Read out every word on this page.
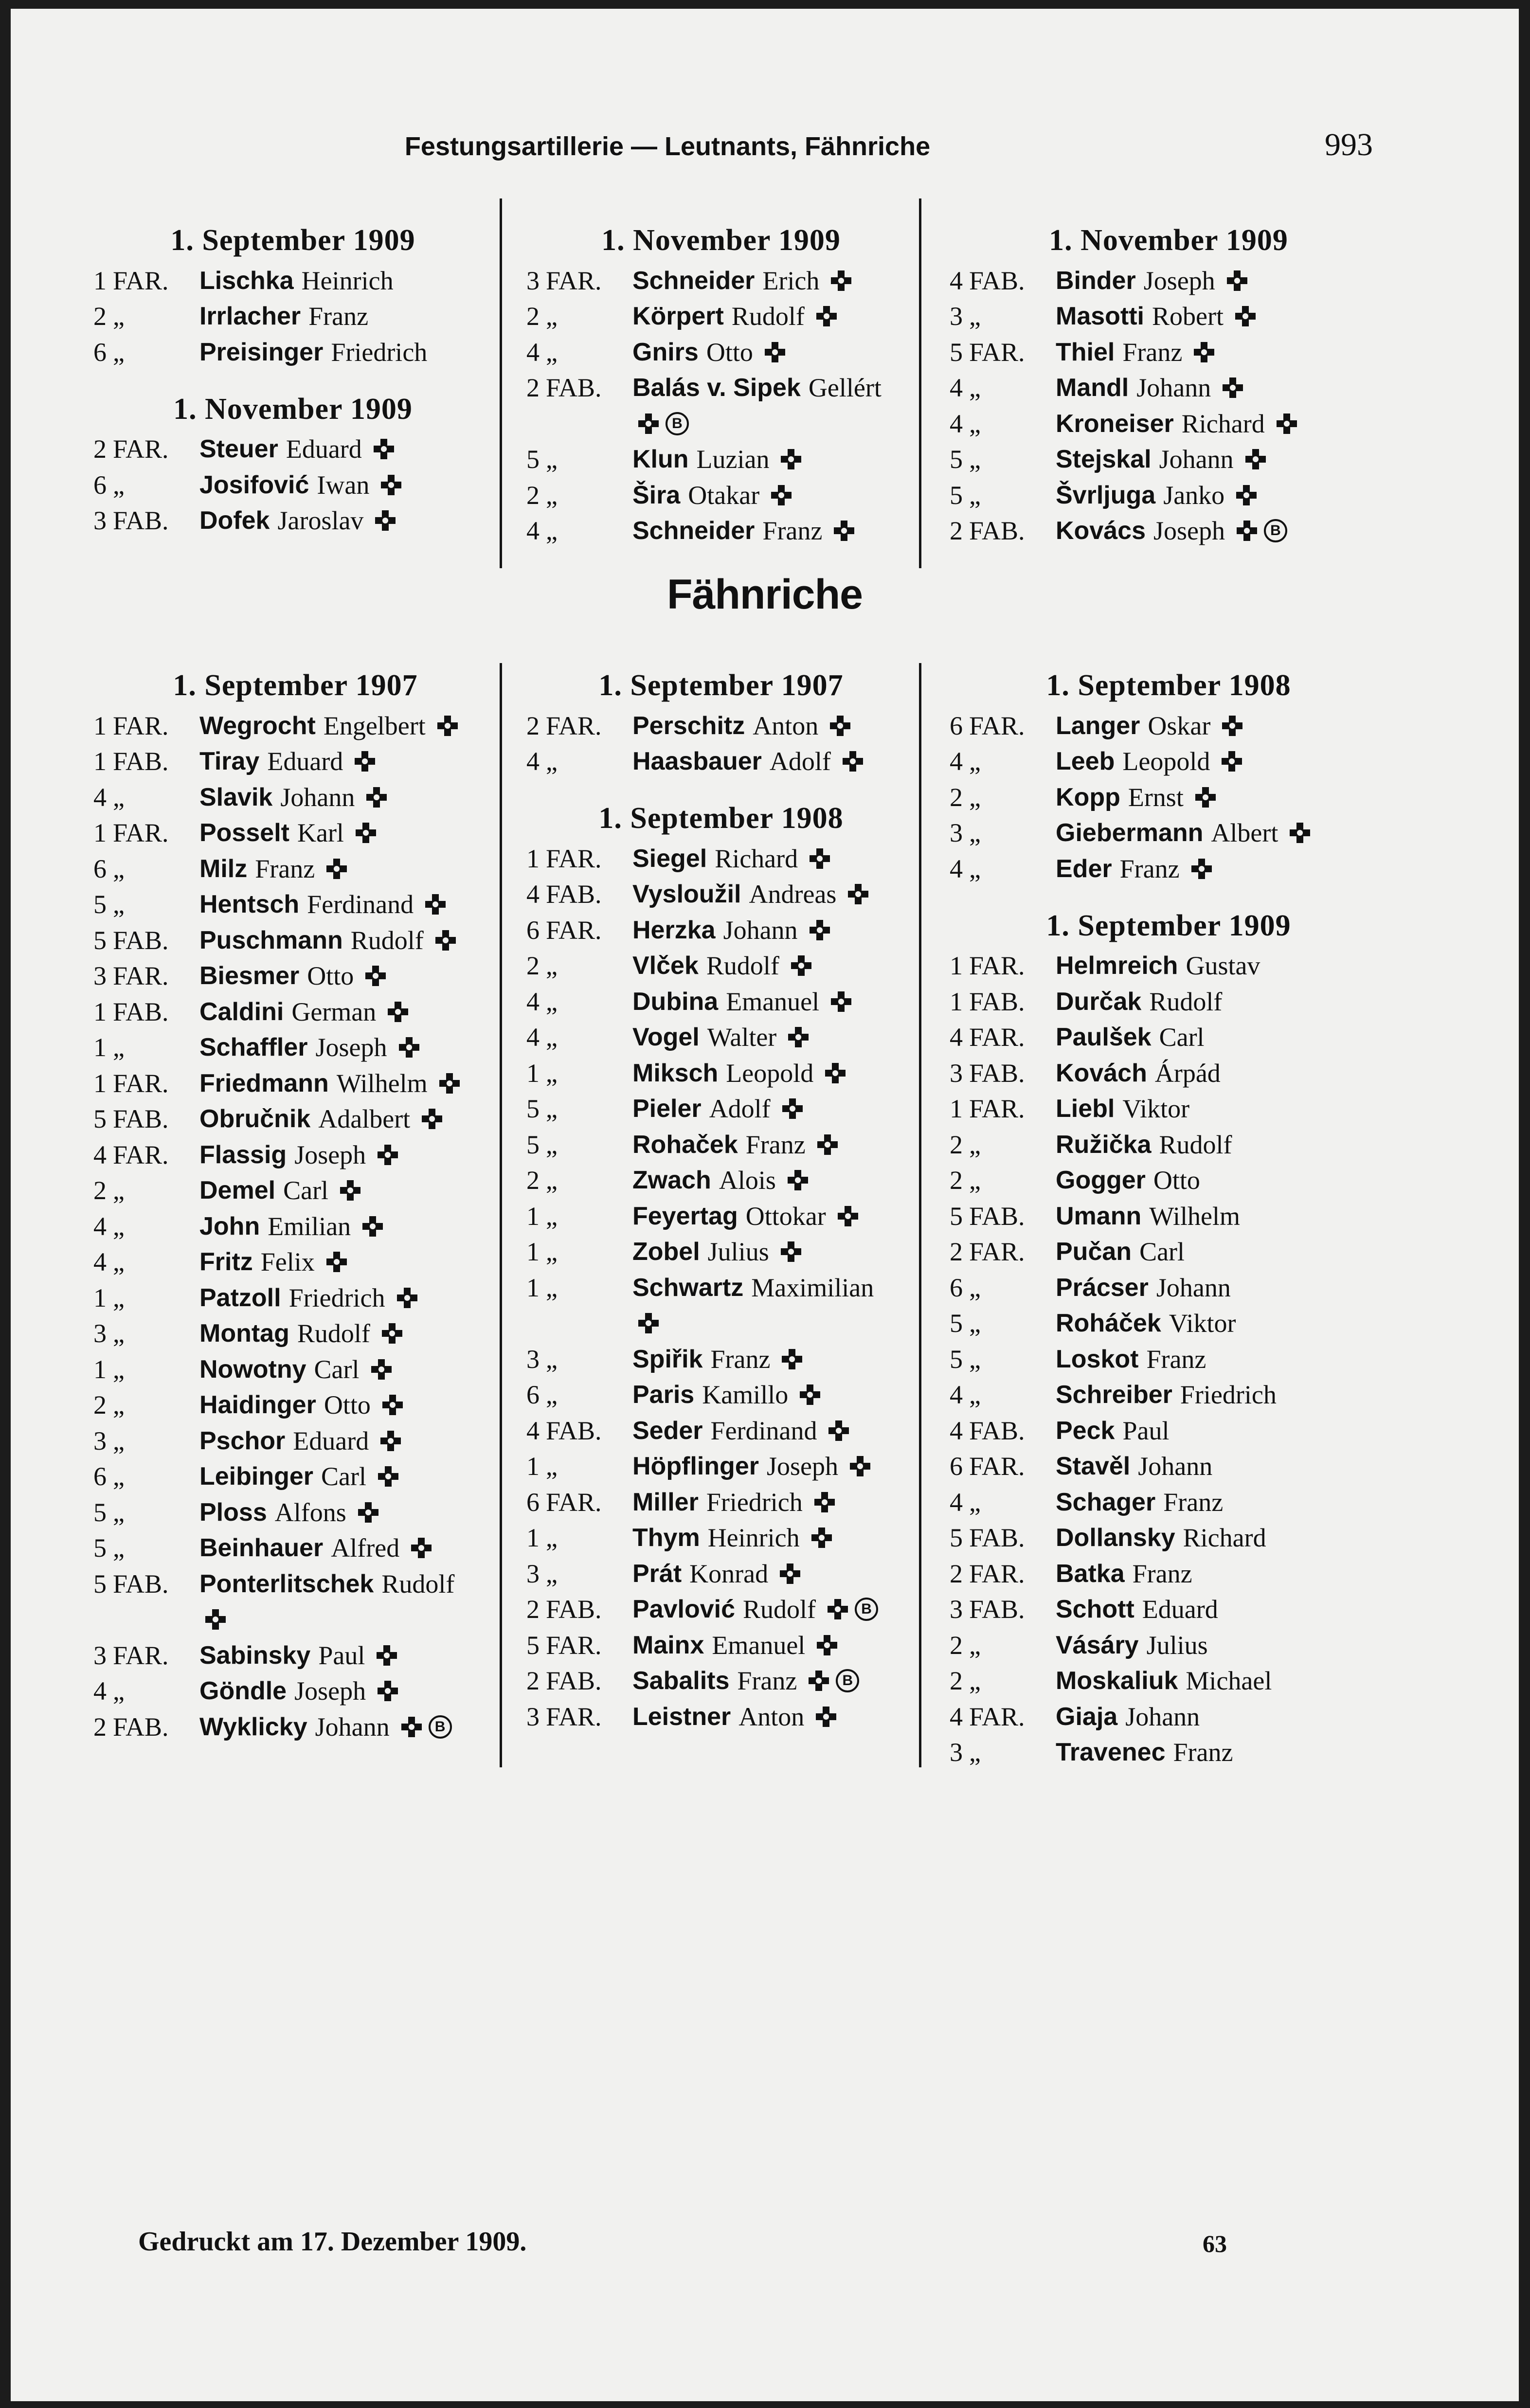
Festungsartillerie — Leutnants, Fähnriche	993
1. September 1909
1 FAR.	Lischka Heinrich
2 „	Irrlacher Franz
6 „	Preisinger Friedrich
1. November 1909
2 FAR.	Steuer Eduard
6 „	Josifović Iwan
3 FAB.	Dofek Jaroslav
1. November 1909
3 FAR.	Schneider Erich
2 „	Körpert Rudolf
4 „	Gnirs Otto
2 FAB.	Balás v. Sipek Gellért
B
5 „	Klun Luzian
2 „	Šira Otakar
4 „	Schneider Franz
1. November 1909
4 FAB.	Binder Joseph
3 „	Masotti Robert
5 FAR.	Thiel Franz
4 „	Mandl Johann
4 „	Kroneiser Richard
5 „	Stejskal Johann
5 „	Švrljuga Janko
2 FAB.	Kovács Joseph	B
Fähnriche
1. September 1907
1 FAR.	Wegrocht Engelbert
1 FAB.	Tiray Eduard
4 „	Slavik Johann
1 FAR.	Posselt Karl
6 „	Milz Franz
5 „	Hentsch Ferdinand
5 FAB.	Puschmann Rudolf
3 FAR.	Biesmer Otto
1 FAB.	Caldini German
1 „	Schaffler Joseph
1 FAR.	Friedmann Wilhelm
5 FAB.	Obručnik Adalbert
4 FAR.	Flassig Joseph
2 „	Demel Carl
4 „	John Emilian
4 „	Fritz Felix
1 „	Patzoll Friedrich
3 „	Montag Rudolf
1 „	Nowotny Carl
2 „	Haidinger Otto
3 „	Pschor Eduard
6 „	Leibinger Carl
5 „	Ploss Alfons
5 „	Beinhauer Alfred
5 FAB.	Ponterlitschek Rudolf
3 FAR.	Sabinsky Paul
4 „	Göndle Joseph
2 FAB.	Wyklicky Johann	B
1. September 1907
2 FAR.	Perschitz Anton
4 „	Haasbauer Adolf
1. September 1908
1 FAR.	Siegel Richard
4 FAB.	Vysloužil Andreas
6 FAR.	Herzka Johann
2 „	Vlček Rudolf
4 „	Dubina Emanuel
4 „	Vogel Walter
1 „	Miksch Leopold
5 „	Pieler Adolf
5 „	Rohaček Franz
2 „	Zwach Alois
1 „	Feyertag Ottokar
1 „	Zobel Julius
1 „	Schwartz Maximilian
3 „	Spiřik Franz
6 „	Paris Kamillo
4 FAB.	Seder Ferdinand
1 „	Höpflinger Joseph
6 FAR.	Miller Friedrich
1 „	Thym Heinrich
3 „	Prát Konrad
2 FAB.	Pavlović Rudolf	B
5 FAR.	Mainx Emanuel
2 FAB.	Sabalits Franz	B
3 FAR.	Leistner Anton
1. September 1908
6 FAR.	Langer Oskar
4 „	Leeb Leopold
2 „	Kopp Ernst
3 „	Giebermann Albert
4 „	Eder Franz
1. September 1909
1 FAR.	Helmreich Gustav
1 FAB.	Durčak Rudolf
4 FAR.	Paulšek Carl
3 FAB.	Kovách Árpád
1 FAR.	Liebl Viktor
2 „	Ružička Rudolf
2 „	Gogger Otto
5 FAB.	Umann Wilhelm
2 FAR.	Pučan Carl
6 „	Prácser Johann
5 „	Roháček Viktor
5 „	Loskot Franz
4 „	Schreiber Friedrich
4 FAB.	Peck Paul
6 FAR.	Stavěl Johann
4 „	Schager Franz
5 FAB.	Dollansky Richard
2 FAR.	Batka Franz
3 FAB.	Schott Eduard
2 „	Vásáry Julius
2 „	Moskaliuk Michael
4 FAR.	Giaja Johann
3 „	Travenec Franz
Gedruckt am 17. Dezember 1909.	63
